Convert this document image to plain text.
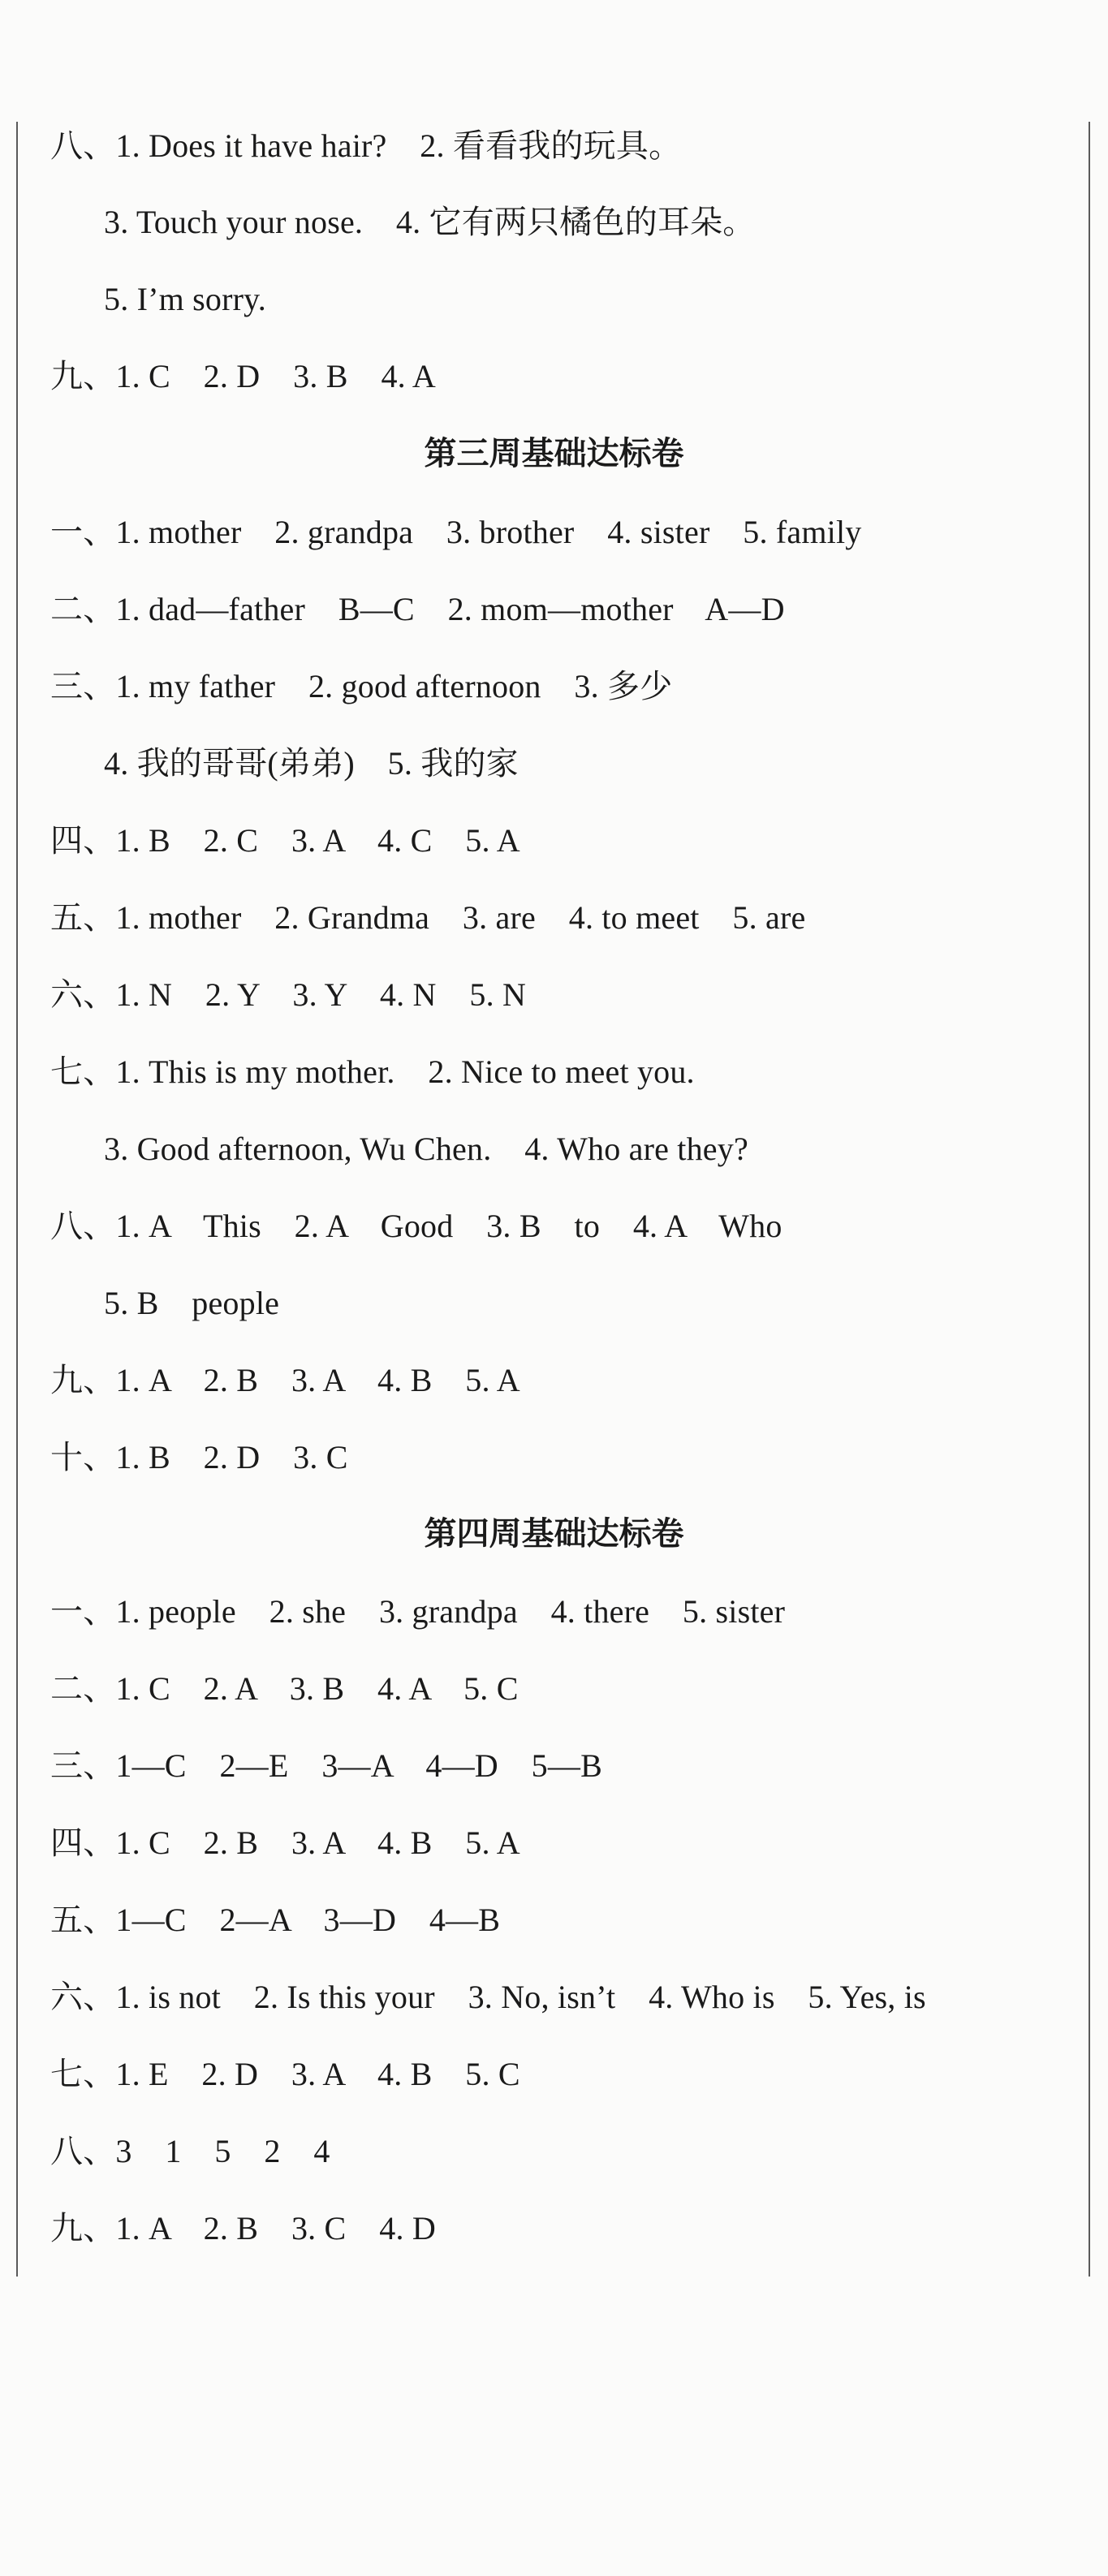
八、1. Does it have hair?    2. 看看我的玩具。
3. Touch your nose.    4. 它有两只橘色的耳朵。
5. I’m sorry.
九、1. C    2. D    3. B    4. A
第三周基础达标卷
一、1. mother    2. grandpa    3. brother    4. sister    5. family
二、1. dad—father    B—C    2. mom—mother    A—D
三、1. my father    2. good afternoon    3. 多少
4. 我的哥哥(弟弟)    5. 我的家
四、1. B    2. C    3. A    4. C    5. A
五、1. mother    2. Grandma    3. are    4. to meet    5. are
六、1. N    2. Y    3. Y    4. N    5. N
七、1. This is my mother.    2. Nice to meet you.
3. Good afternoon, Wu Chen.    4. Who are they?
八、1. A    This    2. A    Good    3. B    to    4. A    Who
5. B    people
九、1. A    2. B    3. A    4. B    5. A
十、1. B    2. D    3. C
第四周基础达标卷
一、1. people    2. she    3. grandpa    4. there    5. sister
二、1. C    2. A    3. B    4. A    5. C
三、1—C    2—E    3—A    4—D    5—B
四、1. C    2. B    3. A    4. B    5. A
五、1—C    2—A    3—D    4—B
六、1. is not    2. Is this your    3. No, isn’t    4. Who is    5. Yes, is
七、1. E    2. D    3. A    4. B    5. C
八、3    1    5    2    4
九、1. A    2. B    3. C    4. D
